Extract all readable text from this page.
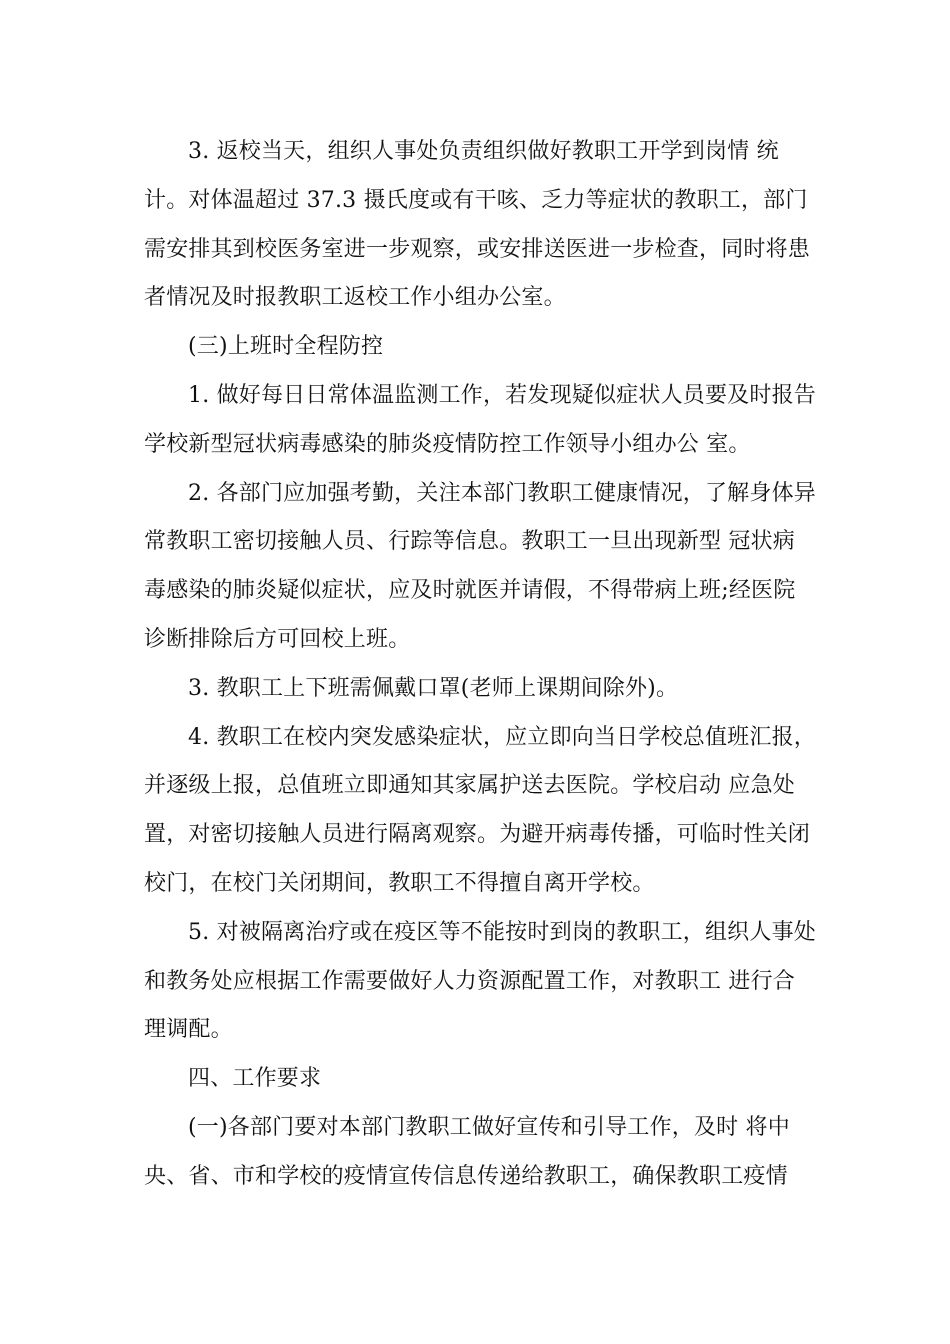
3. 返校当天，组织人事处负责组织做好教职工开学到岗情 统计。对体温超过 37.3 摄氏度或有干咳、乏力等症状的教职工，部门需安排其到校医务室进一步观察，或安排送医进一步检查，同时将患者情况及时报教职工返校工作小组办公室。

(三)上班时全程防控

1. 做好每日日常体温监测工作，若发现疑似症状人员要及时报告学校新型冠状病毒感染的肺炎疫情防控工作领导小组办公 室。

2. 各部门应加强考勤，关注本部门教职工健康情况，了解身体异常教职工密切接触人员、行踪等信息。教职工一旦出现新型 冠状病毒感染的肺炎疑似症状，应及时就医并请假，不得带病上班;经医院诊断排除后方可回校上班。

3. 教职工上下班需佩戴口罩(老师上课期间除外)。

4. 教职工在校内突发感染症状，应立即向当日学校总值班汇报，并逐级上报，总值班立即通知其家属护送去医院。学校启动 应急处置，对密切接触人员进行隔离观察。为避开病毒传播，可临时性关闭校门，在校门关闭期间，教职工不得擅自离开学校。

5. 对被隔离治疗或在疫区等不能按时到岗的教职工，组织人事处和教务处应根据工作需要做好人力资源配置工作，对教职工 进行合理调配。

四、工作要求

(一)各部门要对本部门教职工做好宣传和引导工作，及时 将中央、省、市和学校的疫情宣传信息传递给教职工，确保教职工疫情
